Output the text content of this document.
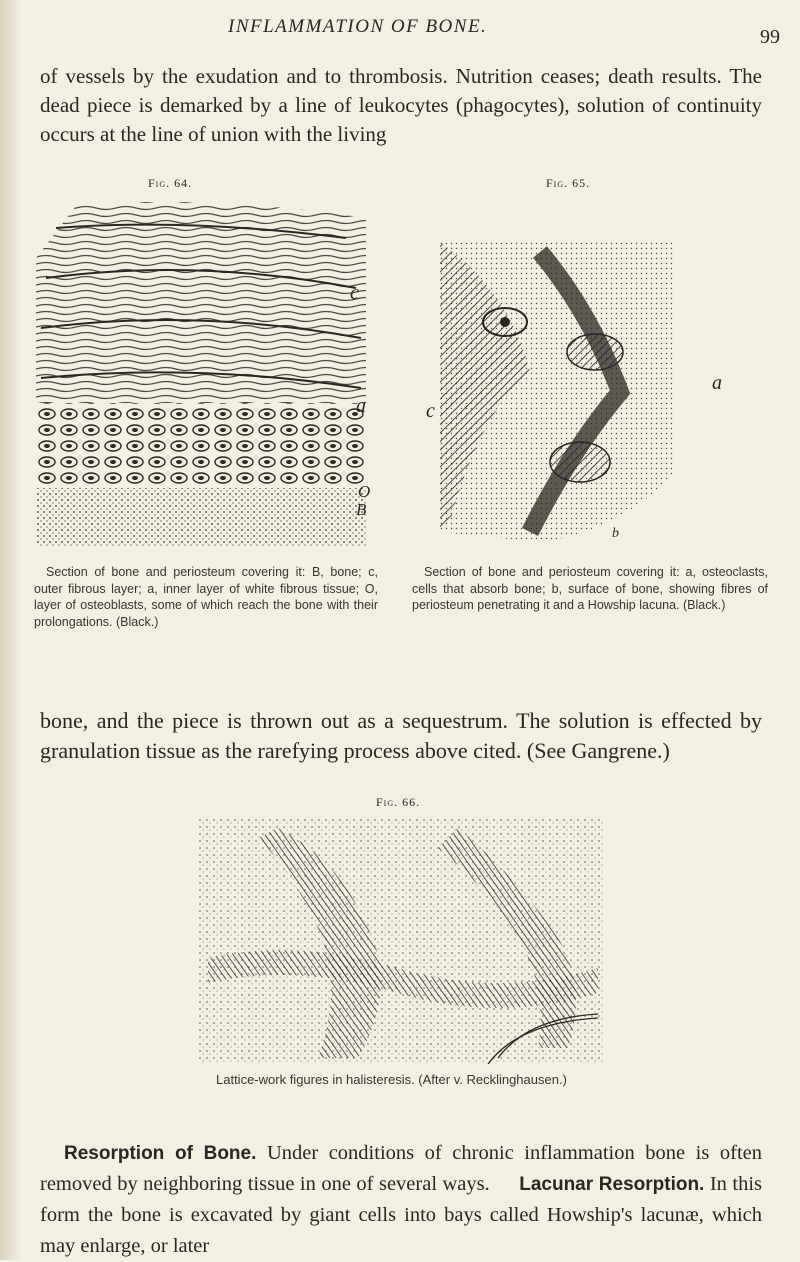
INFLAMMATION OF BONE.	99

of vessels by the exudation and to thrombosis. Nutrition ceases; death results. The dead piece is demarked by a line of leukocytes (phagocytes), solution of continuity occurs at the line of union with the living

Fig. 64.
c
a
O
B
Section of bone and periosteum covering it: B, bone; c, outer fibrous layer; a, inner layer of white fibrous tissue; O, layer of osteoblasts, some of which reach the bone with their prolongations. (Black.)
Fig. 65.
c
a
b
Section of bone and periosteum covering it: a, osteoclasts, cells that absorb bone; b, surface of bone, showing fibres of periosteum penetrating it and a Howship lacuna. (Black.)

bone, and the piece is thrown out as a sequestrum. The solution is effected by granulation tissue as the rarefying process above cited. (See Gangrene.)

Fig. 66.
Lattice-work figures in halisteresis. (After v. Recklinghausen.)
Resorption of Bone. Under conditions of chronic inflammation bone is often removed by neighboring tissue in one of several ways. Lacunar Resorption. In this form the bone is excavated by giant cells into bays called Howship's lacunæ, which may enlarge, or later
